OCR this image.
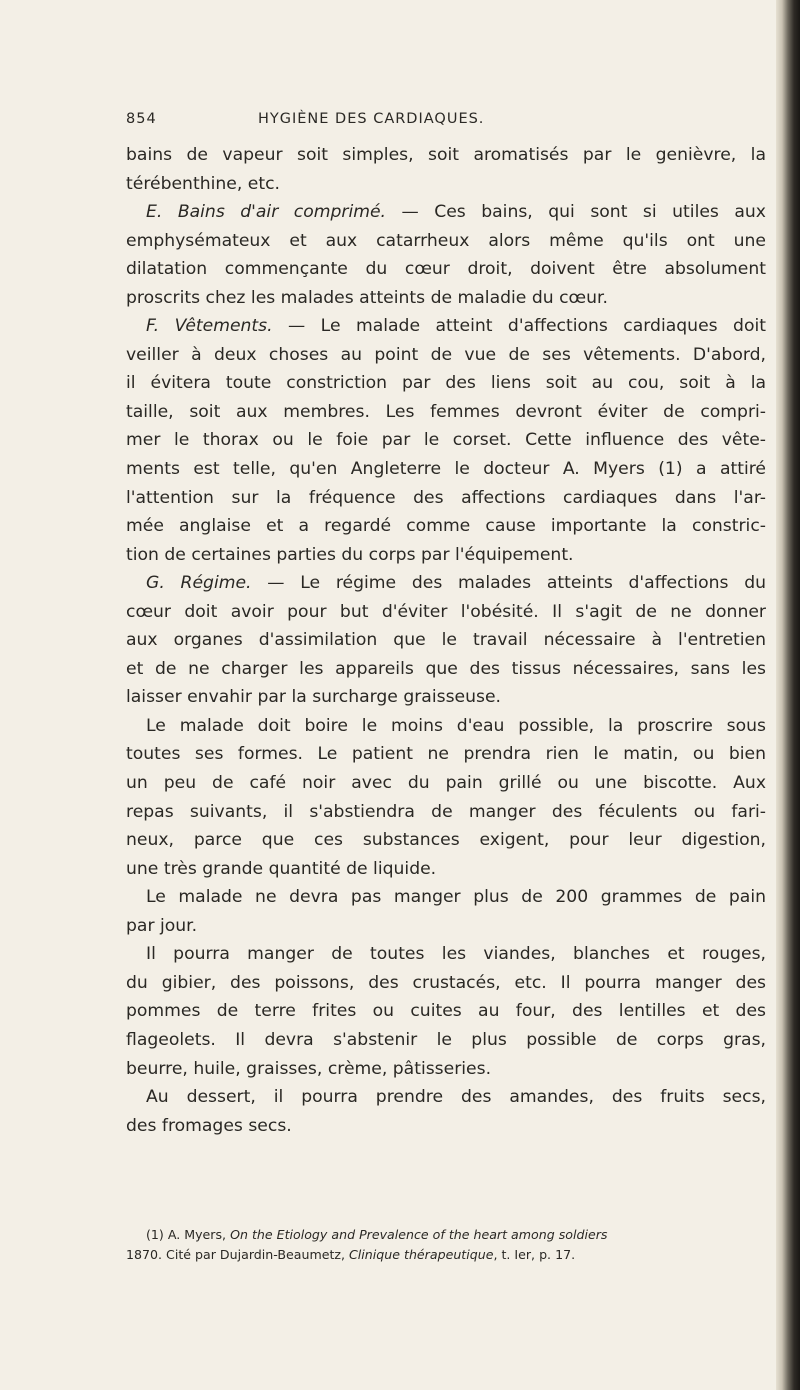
854	HYGIÈNE DES CARDIAQUES.
bains de vapeur soit simples, soit aromatisés par le genièvre, la
térébenthine, etc.
E. Bains d'air comprimé. — Ces bains, qui sont si utiles aux
emphysémateux et aux catarrheux alors même qu'ils ont une
dilatation commençante du cœur droit, doivent être absolument
proscrits chez les malades atteints de maladie du cœur.
F. Vêtements. — Le malade atteint d'affections cardiaques doit
veiller à deux choses au point de vue de ses vêtements. D'abord,
il évitera toute constriction par des liens soit au cou, soit à la
taille, soit aux membres. Les femmes devront éviter de compri-
mer le thorax ou le foie par le corset. Cette influence des vête-
ments est telle, qu'en Angleterre le docteur A. Myers (1) a attiré
l'attention sur la fréquence des affections cardiaques dans l'ar-
mée anglaise et a regardé comme cause importante la constric-
tion de certaines parties du corps par l'équipement.
G. Régime. — Le régime des malades atteints d'affections du
cœur doit avoir pour but d'éviter l'obésité. Il s'agit de ne donner
aux organes d'assimilation que le travail nécessaire à l'entretien
et de ne charger les appareils que des tissus nécessaires, sans les
laisser envahir par la surcharge graisseuse.
Le malade doit boire le moins d'eau possible, la proscrire sous
toutes ses formes. Le patient ne prendra rien le matin, ou bien
un peu de café noir avec du pain grillé ou une biscotte. Aux
repas suivants, il s'abstiendra de manger des féculents ou fari-
neux, parce que ces substances exigent, pour leur digestion,
une très grande quantité de liquide.
Le malade ne devra pas manger plus de 200 grammes de pain
par jour.
Il pourra manger de toutes les viandes, blanches et rouges,
du gibier, des poissons, des crustacés, etc. Il pourra manger des
pommes de terre frites ou cuites au four, des lentilles et des
flageolets. Il devra s'abstenir le plus possible de corps gras,
beurre, huile, graisses, crème, pâtisseries.
Au dessert, il pourra prendre des amandes, des fruits secs,
des fromages secs.
(1) A. Myers, On the Etiology and Prevalence of the heart among soldiers
1870. Cité par Dujardin-Beaumetz, Clinique thérapeutique, t. Ier, p. 17.
